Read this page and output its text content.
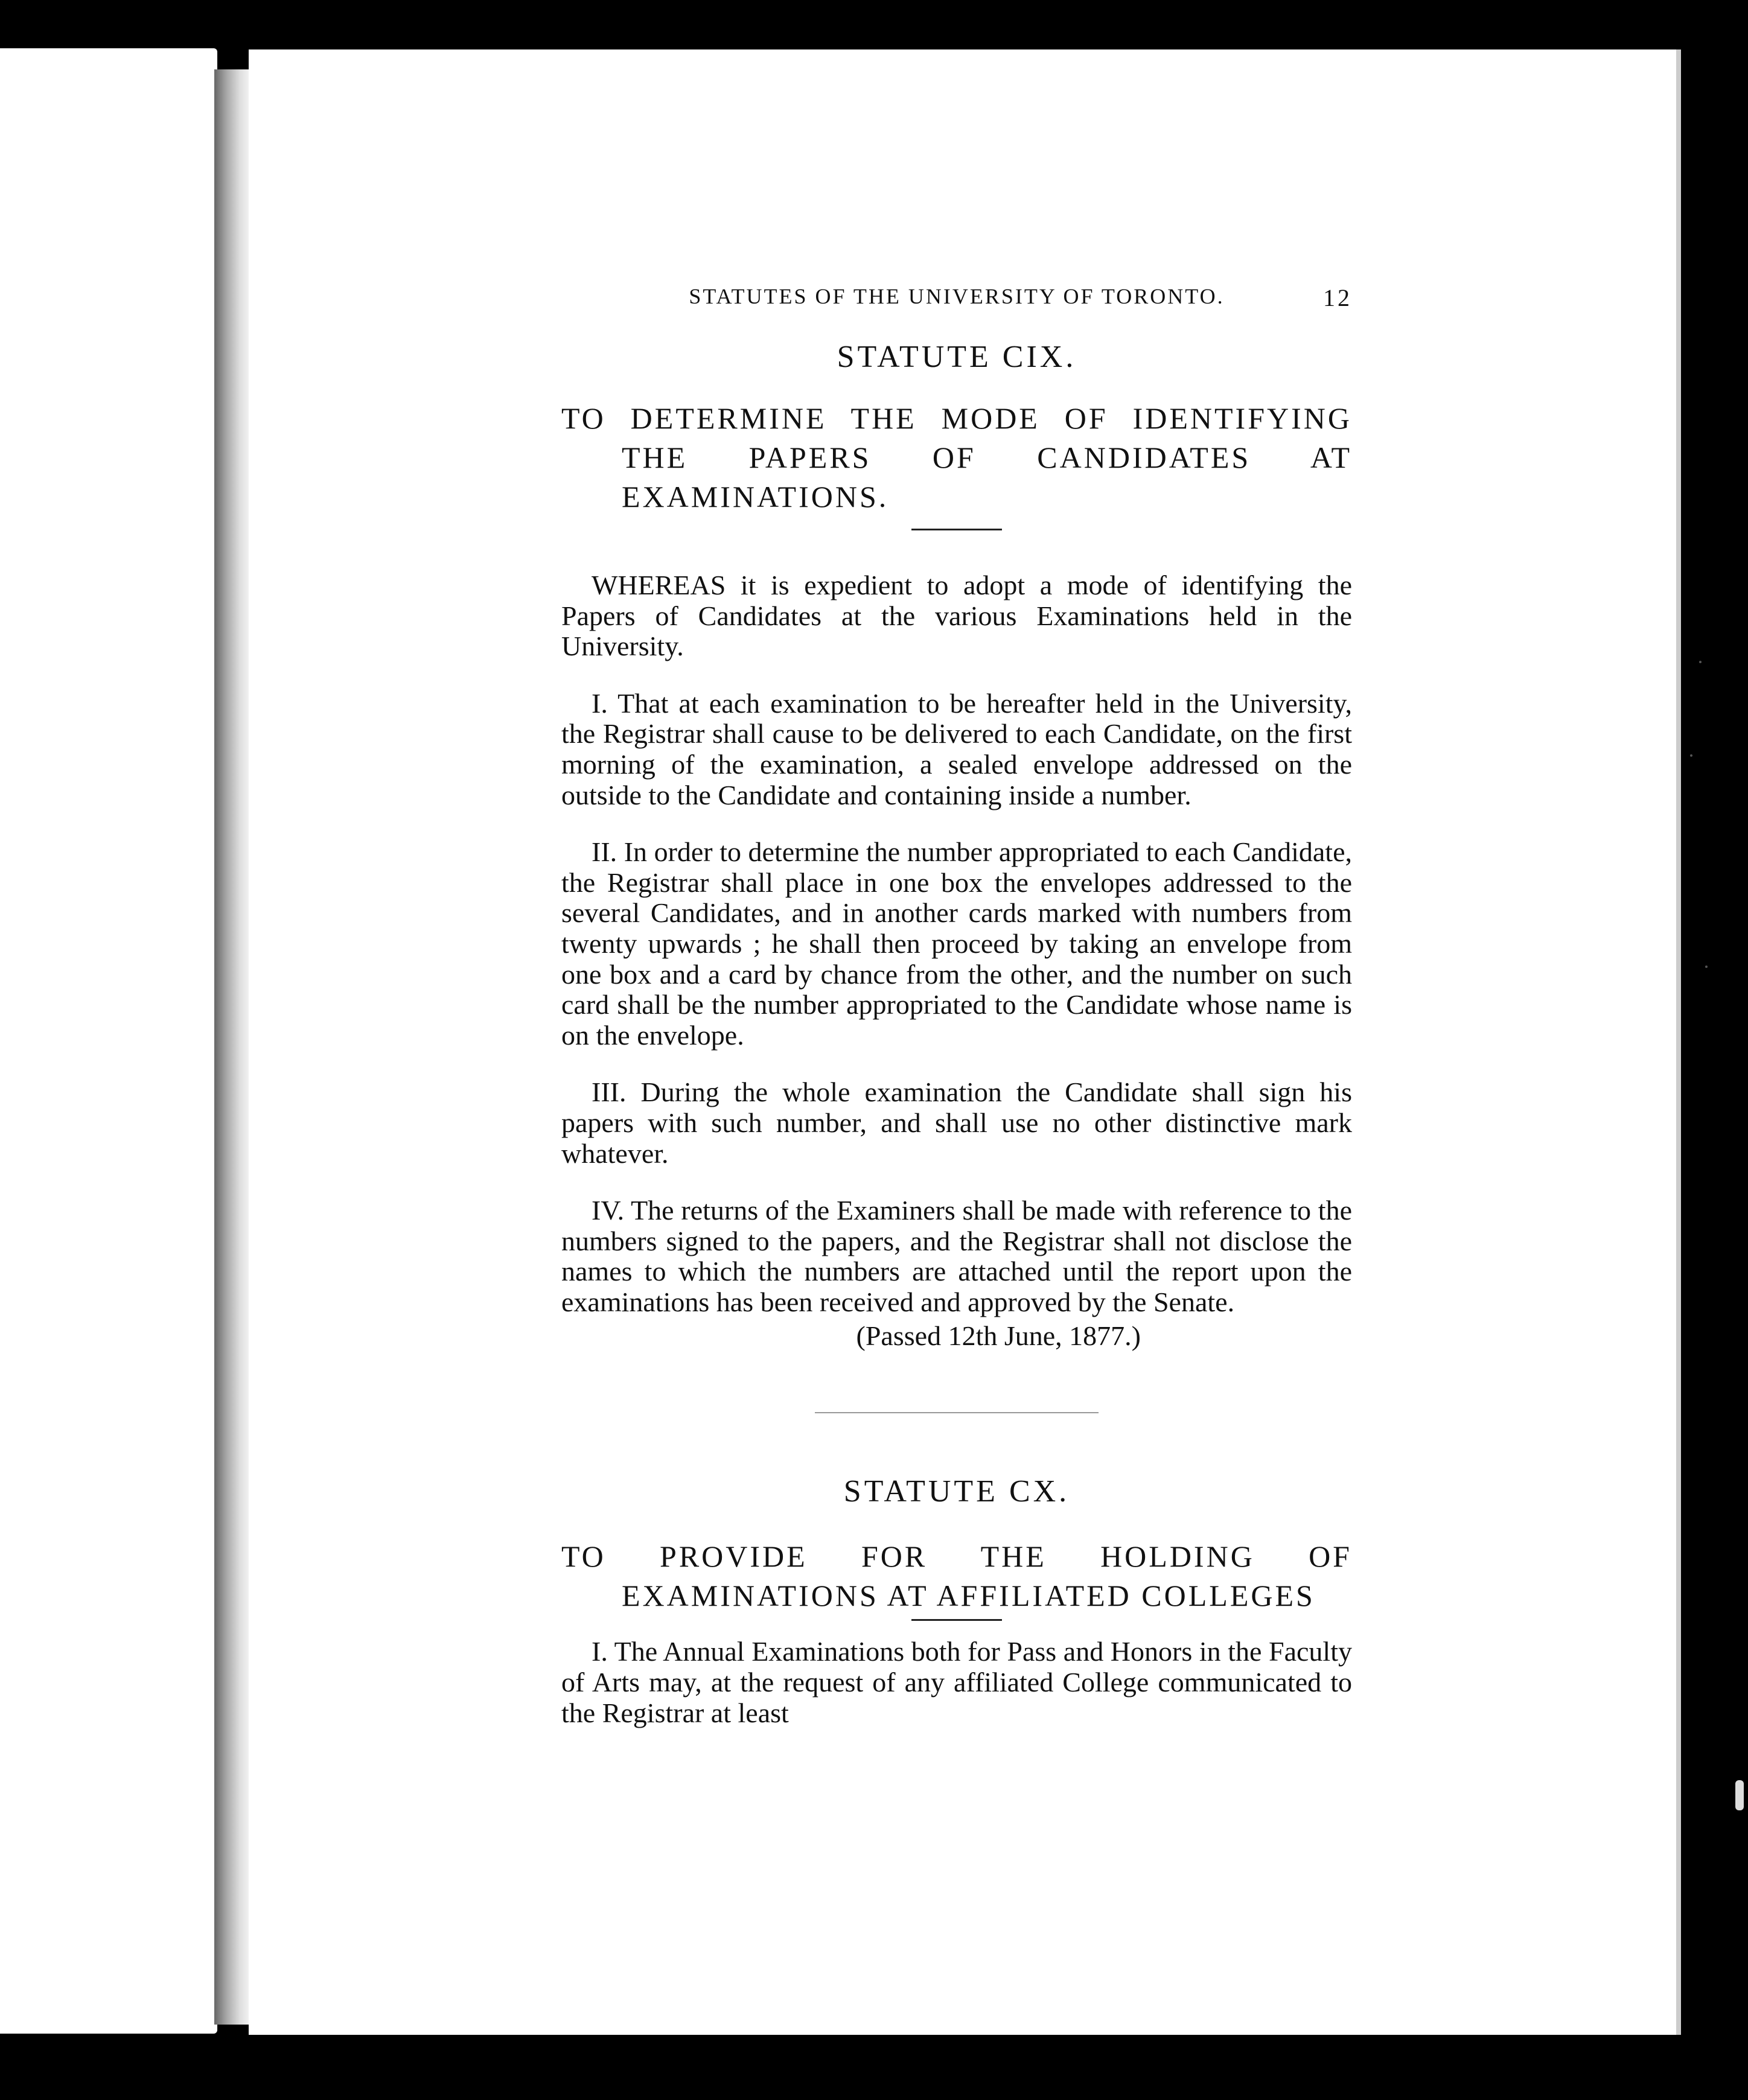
STATUTES OF THE UNIVERSITY OF TORONTO.	12
STATUTE CIX.
TO DETERMINE THE MODE OF IDENTIFYING THE PAPERS OF CANDIDATES AT EXAMINATIONS.

WHEREAS it is expedient to adopt a mode of identifying the Papers of Candidates at the various Examinations held in the University.

I. That at each examination to be hereafter held in the University, the Registrar shall cause to be delivered to each Candidate, on the first morning of the examination, a sealed envelope addressed on the outside to the Candidate and containing inside a number.

II. In order to determine the number appropriated to each Candidate, the Registrar shall place in one box the envelopes addressed to the several Candidates, and in another cards marked with numbers from twenty upwards ; he shall then proceed by taking an envelope from one box and a card by chance from the other, and the number on such card shall be the number appropriated to the Candidate whose name is on the envelope.

III. During the whole examination the Candidate shall sign his papers with such number, and shall use no other distinctive mark whatever.

IV. The returns of the Examiners shall be made with reference to the numbers signed to the papers, and the Registrar shall not disclose the names to which the numbers are attached until the report upon the examinations has been received and approved by the Senate.

(Passed 12th June, 1877.)
STATUTE CX.
TO PROVIDE FOR THE HOLDING OF EXAMINATIONS AT AFFILIATED COLLEGES

I. The Annual Examinations both for Pass and Honors in the Faculty of Arts may, at the request of any affiliated College communicated to the Registrar at least
